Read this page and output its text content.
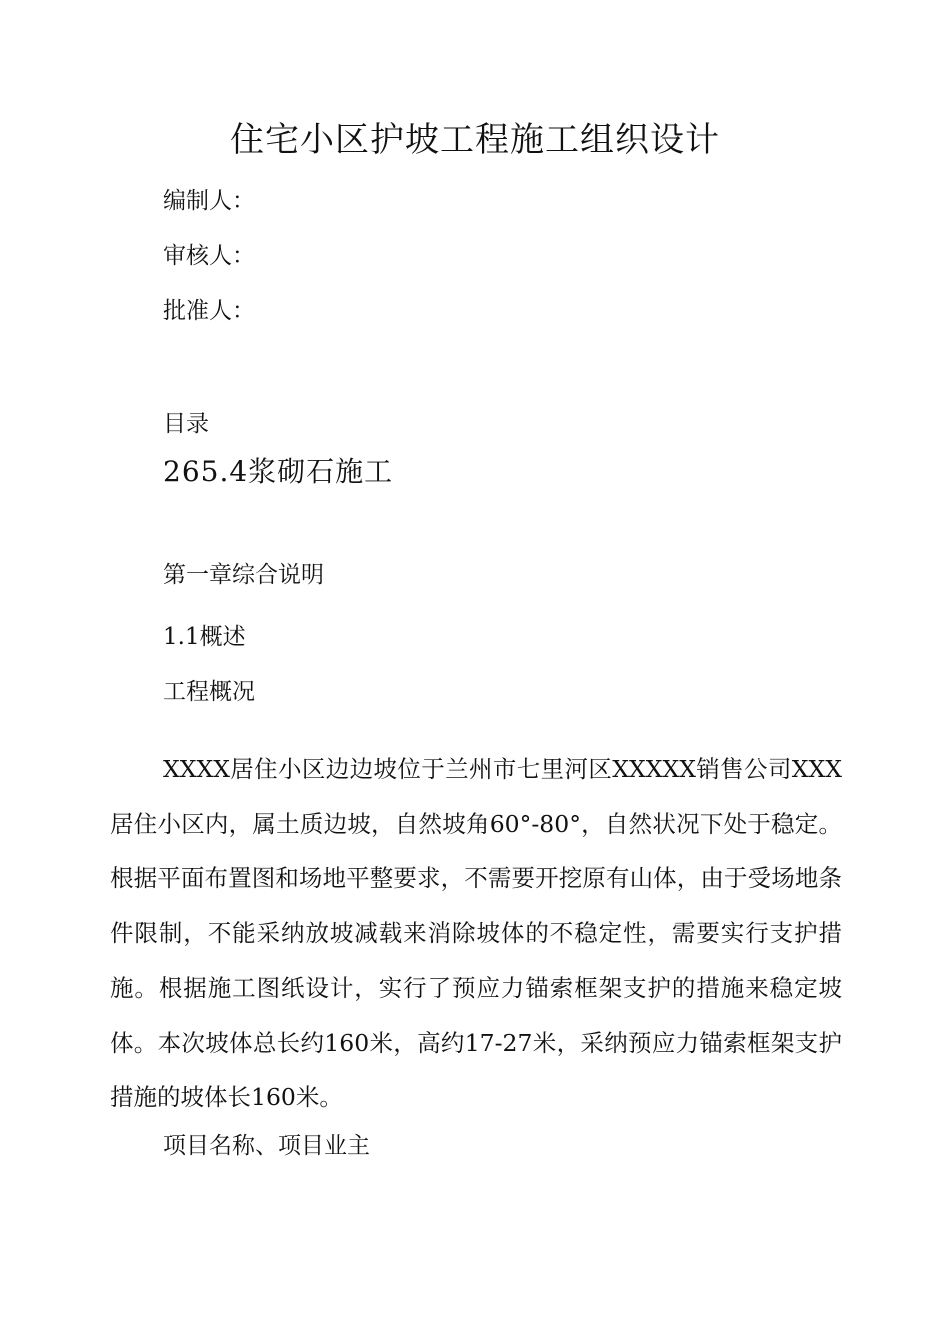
住宅小区护坡工程施工组织设计
编制人：
审核人：
批准人：
目录
265.4浆砌石施工
第一章综合说明
1.1概述
工程概况
XXXX居住小区边边坡位于兰州市七里河区XXXXX销售公司XXX居住小区内，属土质边坡，自然坡角60°-80°，自然状况下处于稳定。根据平面布置图和场地平整要求，不需要开挖原有山体，由于受场地条件限制，不能采纳放坡减载来消除坡体的不稳定性，需要实行支护措施。根据施工图纸设计，实行了预应力锚索框架支护的措施来稳定坡体。本次坡体总长约160米，高约17-27米，采纳预应力锚索框架支护措施的坡体长160米。
项目名称、项目业主
